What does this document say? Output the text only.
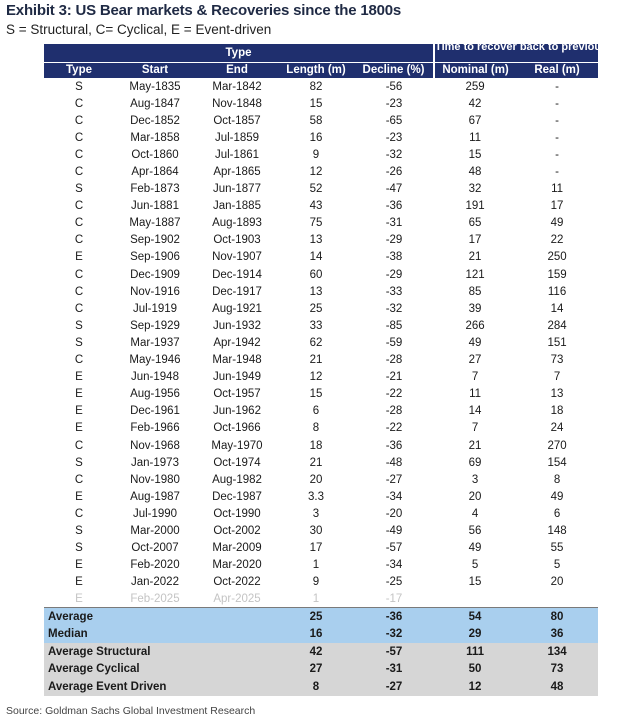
Exhibit 3: US Bear markets & Recoveries since the 1800s
S = Structural, C= Cyclical, E = Event-driven
Type					Time to recover back to previous level	

Type	Start	End	Length (m)	Decline (%)	Nominal (m)	Real (m)
S	May-1835	Mar-1842	82	-56	259	-
C	Aug-1847	Nov-1848	15	-23	42	-
C	Dec-1852	Oct-1857	58	-65	67	-
C	Mar-1858	Jul-1859	16	-23	11	-
C	Oct-1860	Jul-1861	9	-32	15	-
C	Apr-1864	Apr-1865	12	-26	48	-
S	Feb-1873	Jun-1877	52	-47	32	11
C	Jun-1881	Jan-1885	43	-36	191	17
C	May-1887	Aug-1893	75	-31	65	49
C	Sep-1902	Oct-1903	13	-29	17	22
E	Sep-1906	Nov-1907	14	-38	21	250
C	Dec-1909	Dec-1914	60	-29	121	159
C	Nov-1916	Dec-1917	13	-33	85	116
C	Jul-1919	Aug-1921	25	-32	39	14
S	Sep-1929	Jun-1932	33	-85	266	284
S	Mar-1937	Apr-1942	62	-59	49	151
C	May-1946	Mar-1948	21	-28	27	73
E	Jun-1948	Jun-1949	12	-21	7	7
E	Aug-1956	Oct-1957	15	-22	11	13
E	Dec-1961	Jun-1962	6	-28	14	18
E	Feb-1966	Oct-1966	8	-22	7	24
C	Nov-1968	May-1970	18	-36	21	270
S	Jan-1973	Oct-1974	21	-48	69	154
C	Nov-1980	Aug-1982	20	-27	3	8
E	Aug-1987	Dec-1987	3.3	-34	20	49
C	Jul-1990	Oct-1990	3	-20	4	6
S	Mar-2000	Oct-2002	30	-49	56	148
S	Oct-2007	Mar-2009	17	-57	49	55
E	Feb-2020	Mar-2020	1	-34	5	5
E	Jan-2022	Oct-2022	9	-25	15	20
E	Feb-2025	Apr-2025	1	-17		
Average			25	-36	54	80
Median			16	-32	29	36
Average Structural			42	-57	111	134
Average Cyclical			27	-31	50	73
Average Event Driven			8	-27	12	48
Source: Goldman Sachs Global Investment Research
